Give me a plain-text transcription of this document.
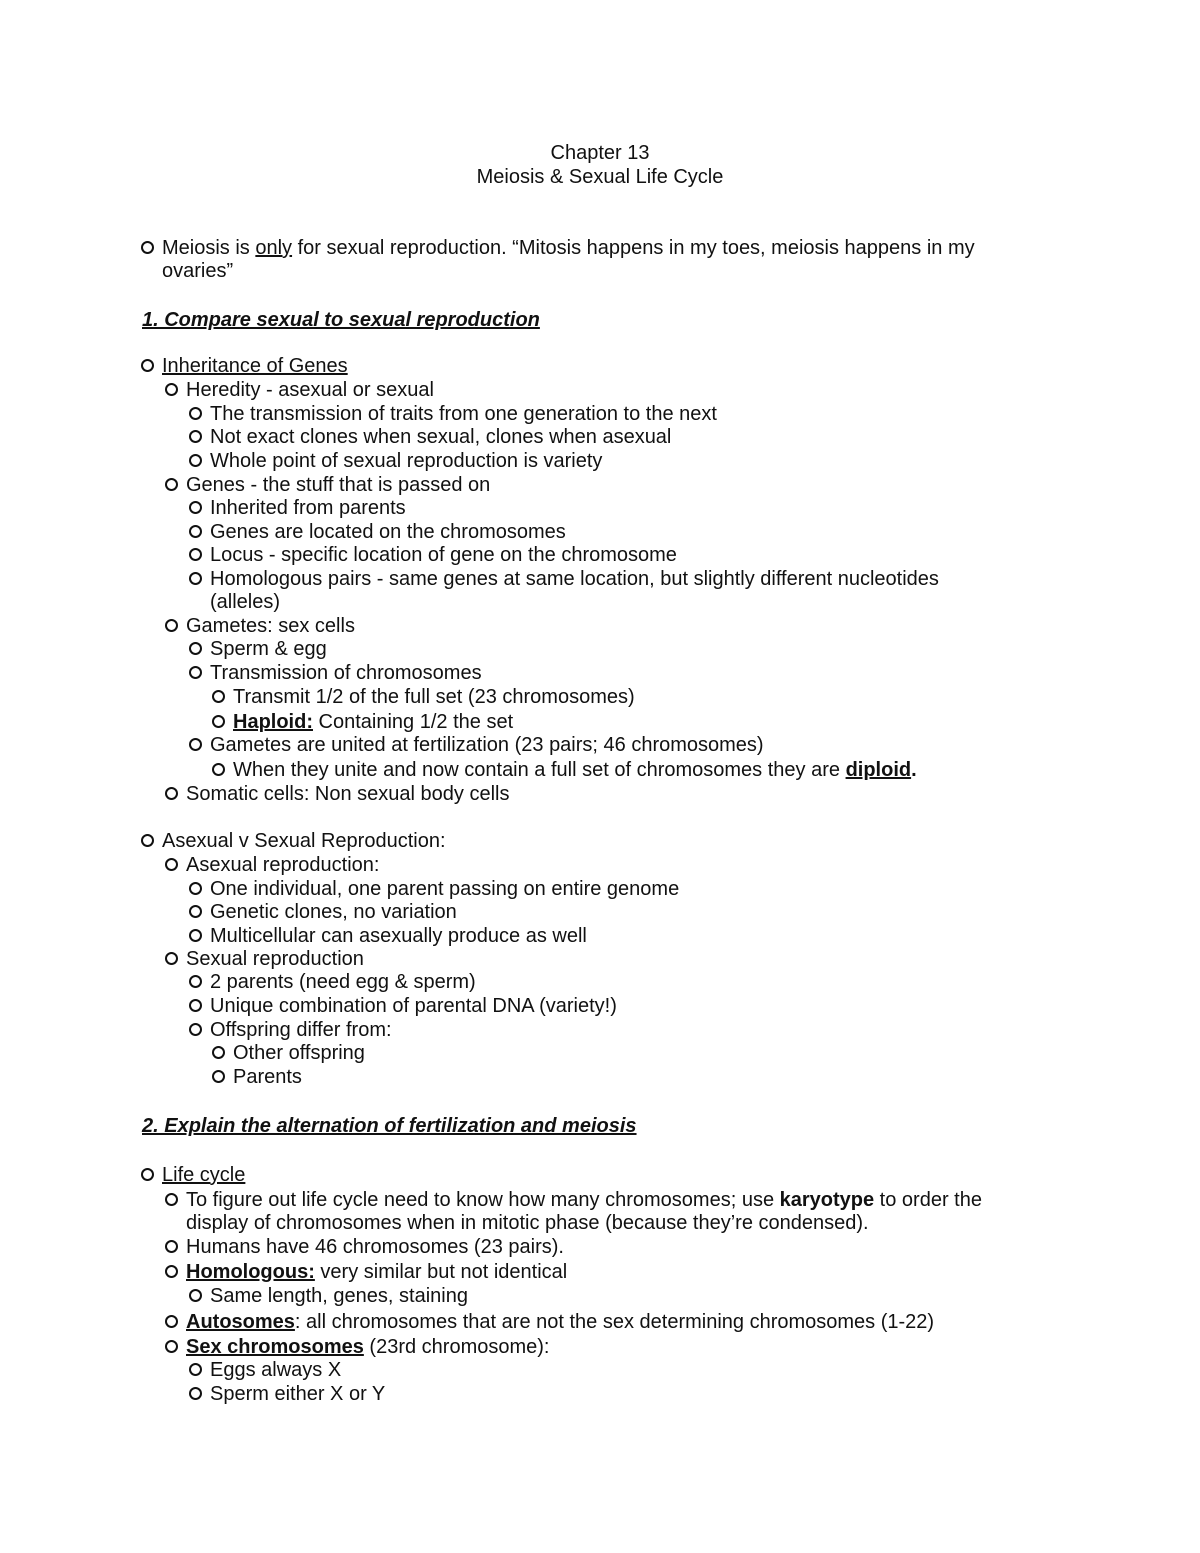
Chapter 13
Meiosis & Sexual Life Cycle
Meiosis is only for sexual reproduction. “Mitosis happens in my toes, meiosis happens in my
ovaries”
1. Compare sexual to sexual reproduction
Inheritance of Genes
Heredity - asexual or sexual
The transmission of traits from one generation to the next
Not exact clones when sexual, clones when asexual
Whole point of sexual reproduction is variety
Genes - the stuff that is passed on
Inherited from parents
Genes are located on the chromosomes
Locus - specific location of gene on the chromosome
Homologous pairs - same genes at same location, but slightly different nucleotides
(alleles)
Gametes: sex cells
Sperm & egg
Transmission of chromosomes
Transmit 1/2 of the full set (23 chromosomes)
Haploid: Containing 1/2 the set
Gametes are united at fertilization (23 pairs; 46 chromosomes)
When they unite and now contain a full set of chromosomes they are diploid.
Somatic cells: Non sexual body cells
Asexual v Sexual Reproduction:
Asexual reproduction:
One individual, one parent passing on entire genome
Genetic clones, no variation
Multicellular can asexually produce as well
Sexual reproduction
2 parents (need egg & sperm)
Unique combination of parental DNA (variety!)
Offspring differ from:
Other offspring
Parents
2. Explain the alternation of fertilization and meiosis
Life cycle
To figure out life cycle need to know how many chromosomes; use karyotype to order the
display of chromosomes when in mitotic phase (because they’re condensed).
Humans have 46 chromosomes (23 pairs).
Homologous: very similar but not identical
Same length, genes, staining
Autosomes: all chromosomes that are not the sex determining chromosomes (1-22)
Sex chromosomes (23rd chromosome):
Eggs always X
Sperm either X or Y
